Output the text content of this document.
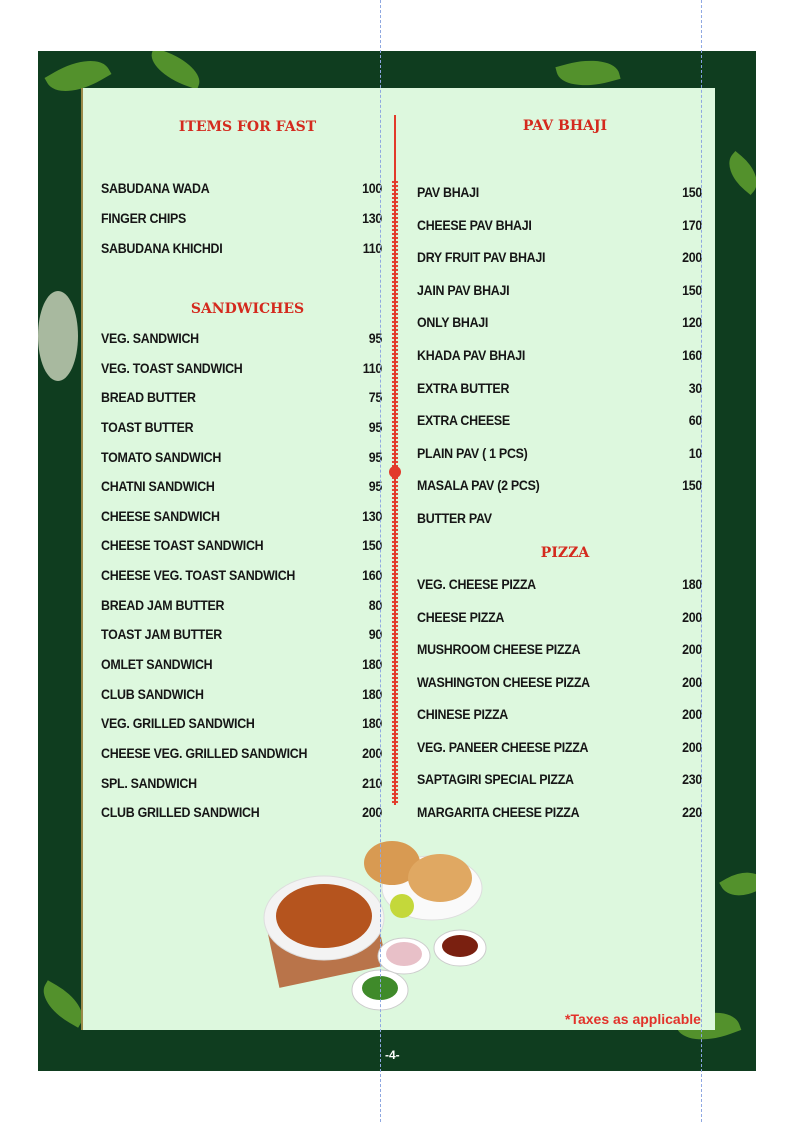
ITEMS FOR FAST
SABUDANA WADA	100
FINGER CHIPS	130
SABUDANA KHICHDI	110
SANDWICHES
VEG. SANDWICH	95
VEG. TOAST SANDWICH	110
BREAD BUTTER	75
TOAST BUTTER	95
TOMATO SANDWICH	95
CHATNI SANDWICH	95
CHEESE SANDWICH	130
CHEESE TOAST SANDWICH	150
CHEESE VEG. TOAST SANDWICH	160
BREAD JAM BUTTER	80
TOAST JAM BUTTER	90
OMLET SANDWICH	180
CLUB SANDWICH	180
VEG. GRILLED SANDWICH	180
CHEESE VEG. GRILLED SANDWICH	200
SPL. SANDWICH	210
CLUB GRILLED SANDWICH	200
PAV BHAJI
PAV BHAJI	150
CHEESE PAV BHAJI	170
DRY FRUIT PAV BHAJI	200
JAIN PAV BHAJI	150
ONLY BHAJI	120
KHADA PAV BHAJI	160
EXTRA BUTTER	30
EXTRA CHEESE	60
PLAIN PAV ( 1 PCS)	10
MASALA PAV (2 PCS)	150
BUTTER PAV
PIZZA
VEG. CHEESE PIZZA	180
CHEESE PIZZA	200
MUSHROOM CHEESE PIZZA	200
WASHINGTON CHEESE PIZZA	200
CHINESE PIZZA	200
VEG. PANEER CHEESE PIZZA	200
SAPTAGIRI SPECIAL PIZZA	230
MARGARITA CHEESE PIZZA	220
*Taxes as applicable
-4-
